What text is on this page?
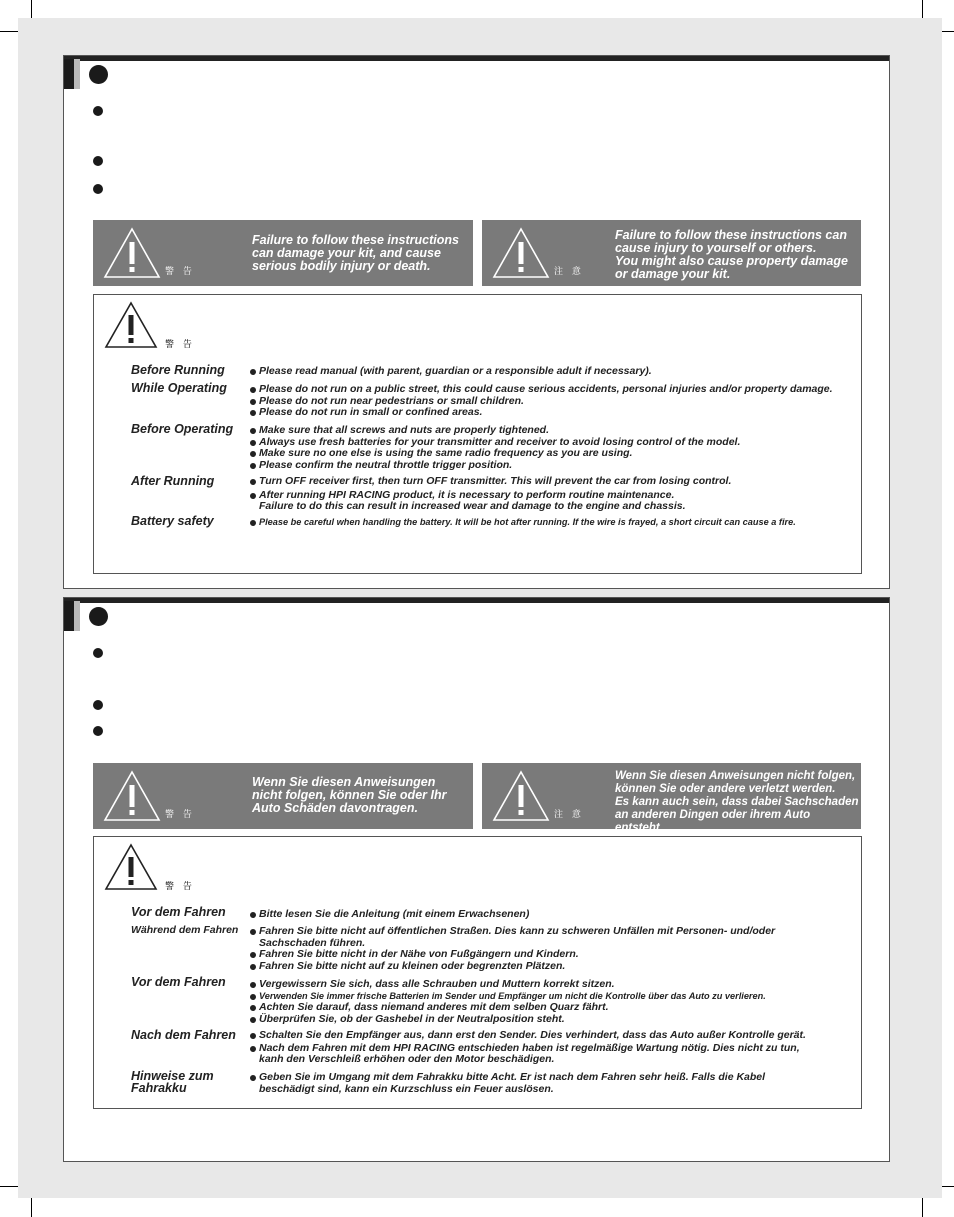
警 告
Failure to follow these instructions
can damage your kit, and cause
serious bodily injury or death.	注 意
Failure to follow these instructions can
cause injury to yourself or others.
You might also cause property damage
or damage your kit.
警 告
Before Running	Please read manual (with parent, guardian or a responsible adult if necessary).
While Operating	Please do not run on a public street, this could cause serious accidents, personal injuries and/or property damage.
Please do not run near pedestrians or small children.
Please do not run in small or confined areas.
Before Operating	Make sure that all screws and nuts are properly tightened.
Always use fresh batteries for your transmitter and receiver to avoid losing control of the model.
Make sure no one else is using the same radio frequency as you are using.
Please confirm the neutral throttle trigger position.
After Running	Turn OFF receiver first, then turn OFF transmitter. This will prevent the car from losing control.
After running HPI RACING product, it is necessary to perform routine maintenance.
Failure to do this can result in increased wear and damage to the engine and chassis.
Battery safety	Please be careful when handling the battery. It will be hot after running. If the wire is frayed, a short circuit can cause a fire.
警 告
Wenn Sie diesen Anweisungen
nicht folgen, können Sie oder Ihr
Auto Schäden davontragen.	注 意
Wenn Sie diesen Anweisungen nicht folgen,
können Sie oder andere verletzt werden.
Es kann auch sein, dass dabei Sachschaden
an anderen Dingen oder ihrem Auto entsteht.
警 告
Vor dem Fahren	Bitte lesen Sie die Anleitung (mit einem Erwachsenen)
Während dem Fahren	Fahren Sie bitte nicht auf öffentlichen Straßen. Dies kann zu schweren Unfällen mit Personen- und/oder
Sachschaden führen.
Fahren Sie bitte nicht in der Nähe von Fußgängern und Kindern.
Fahren Sie bitte nicht auf zu kleinen oder begrenzten Plätzen.
Vor dem Fahren	Vergewissern Sie sich, dass alle Schrauben und Muttern korrekt sitzen.
Verwenden Sie immer frische Batterien im Sender und Empfänger um nicht die Kontrolle über das Auto zu verlieren.
Achten Sie darauf, dass niemand anderes mit dem selben Quarz fährt.
Überprüfen Sie, ob der Gashebel in der Neutralposition steht.
Nach dem Fahren	Schalten Sie den Empfänger aus, dann erst den Sender. Dies verhindert, dass das Auto außer Kontrolle gerät.
Nach dem Fahren mit dem HPI RACING entschieden haben ist regelmäßige Wartung nötig. Dies nicht zu tun,
kanh den Verschleiß erhöhen oder den Motor beschädigen.
Hinweise zum
Fahrakku
Geben Sie im Umgang mit dem Fahrakku bitte Acht. Er ist nach dem Fahren sehr heiß. Falls die Kabel
beschädigt sind, kann ein Kurzschluss ein Feuer auslösen.
